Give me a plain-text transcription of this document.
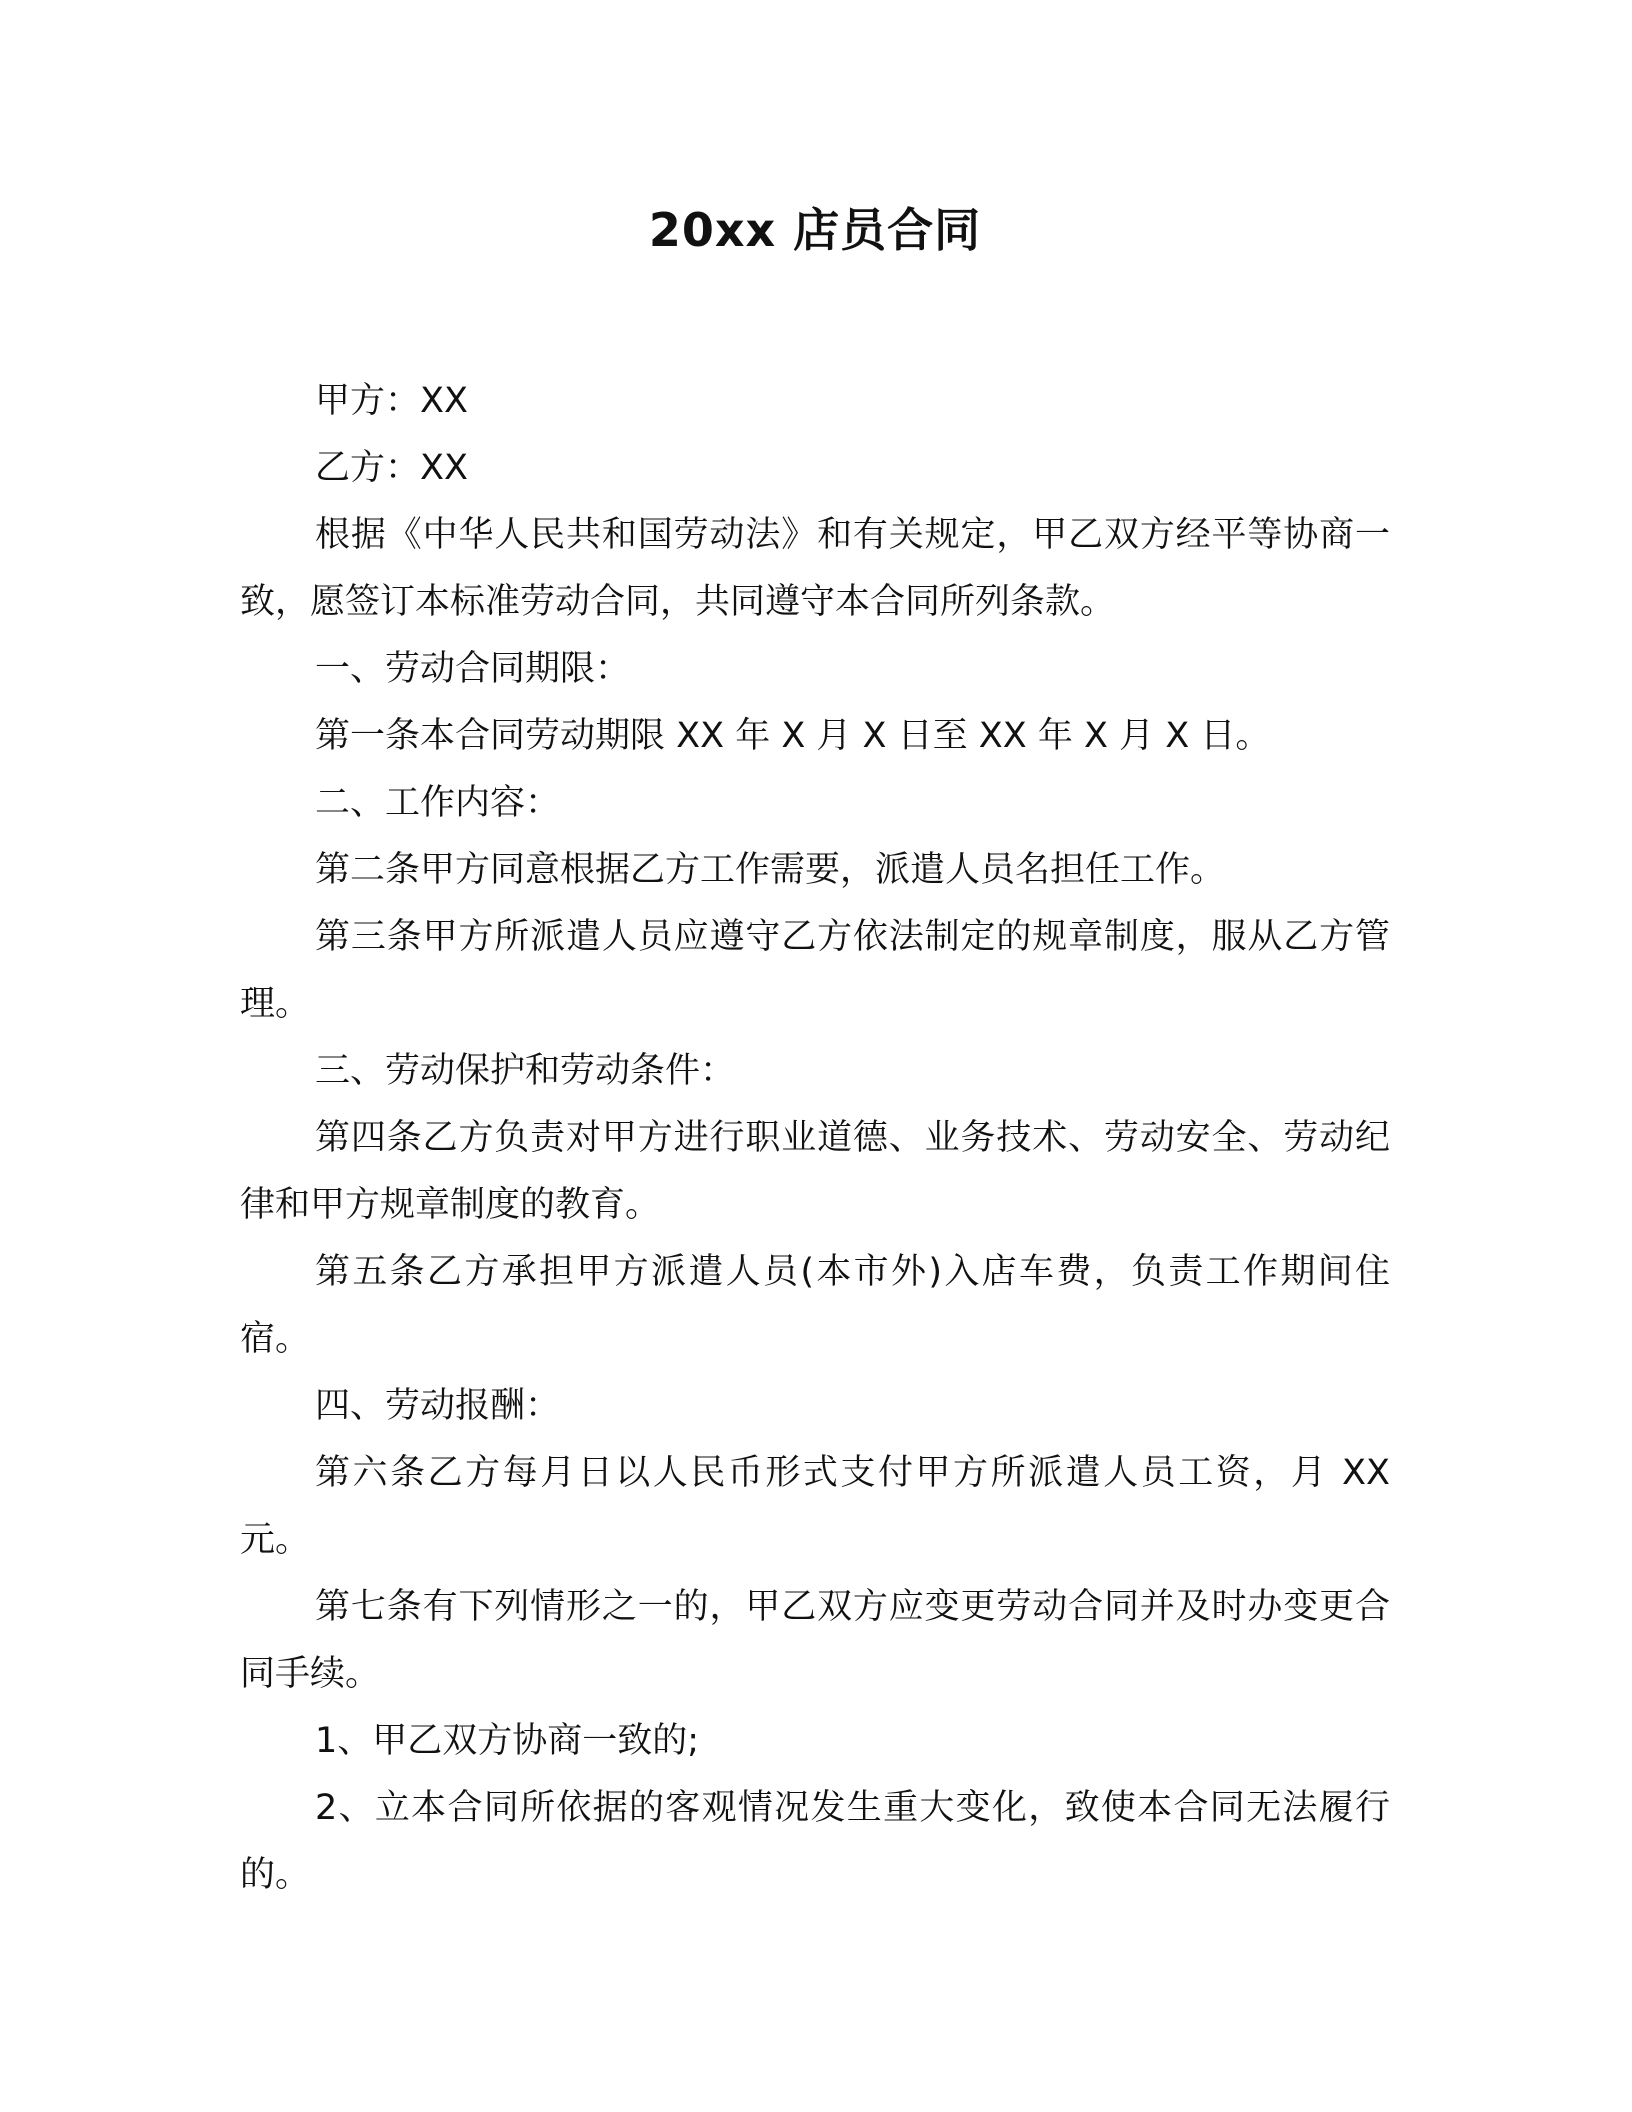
20xx 店员合同

甲方：XX

乙方：XX

根据《中华人民共和国劳动法》和有关规定，甲乙双方经平等协商一致，愿签订本标准劳动合同，共同遵守本合同所列条款。

一、劳动合同期限：

第一条本合同劳动期限 XX 年 X 月 X 日至 XX 年 X 月 X 日。

二、工作内容：

第二条甲方同意根据乙方工作需要，派遣人员名担任工作。

第三条甲方所派遣人员应遵守乙方依法制定的规章制度，服从乙方管理。

三、劳动保护和劳动条件：

第四条乙方负责对甲方进行职业道德、业务技术、劳动安全、劳动纪律和甲方规章制度的教育。

第五条乙方承担甲方派遣人员(本市外)入店车费，负责工作期间住宿。

四、劳动报酬：

第六条乙方每月日以人民币形式支付甲方所派遣人员工资，月 XX 元。

第七条有下列情形之一的，甲乙双方应变更劳动合同并及时办变更合同手续。

1、甲乙双方协商一致的;

2、立本合同所依据的客观情况发生重大变化，致使本合同无法履行的。
